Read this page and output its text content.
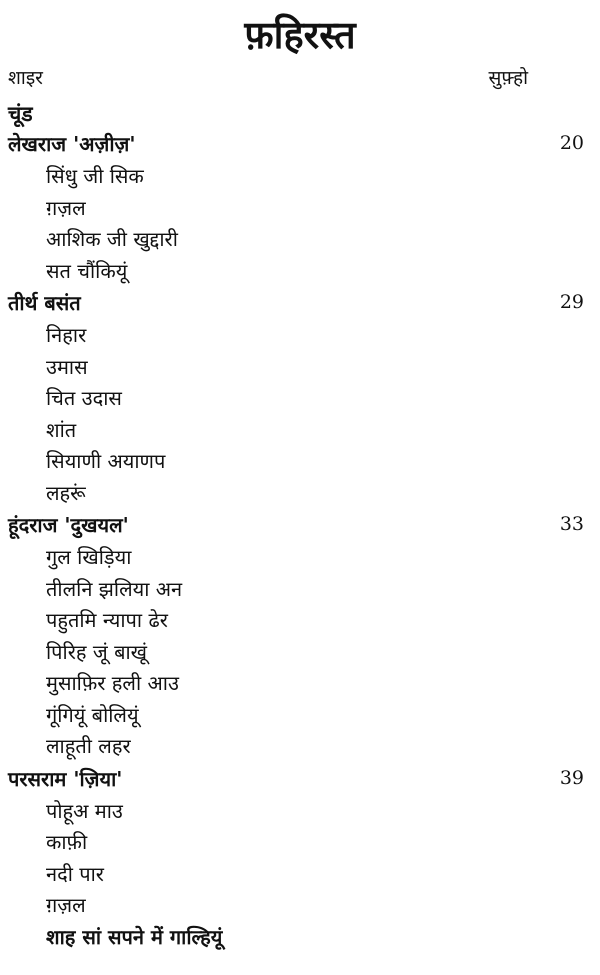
फ़हिरस्त
शाइर	सुफ़्हो
चूंड
लेखराज 'अज़ीज़'	20
सिंधु जी सिक
ग़ज़ल
आशिक जी खुद्दारी
सत चौंकियूं
तीर्थ बसंत	29
निहार
उमास
चित उदास
शांत
सियाणी अयाणप
लहरूं
हूंदराज 'दुखयल'	33
गुल खिड़िया
तीलनि झलिया अन
पहुतमि न्यापा ढेर
पिरिह जूं बाखूं
मुसाफ़िर हली आउ
गूंगियूं बोलियूं
लाहूती लहर
परसराम 'ज़िया'	39
पोहूअ माउ
काफ़ी
नदी पार
ग़ज़ल
शाह सां सपने में गाल्हियूं
